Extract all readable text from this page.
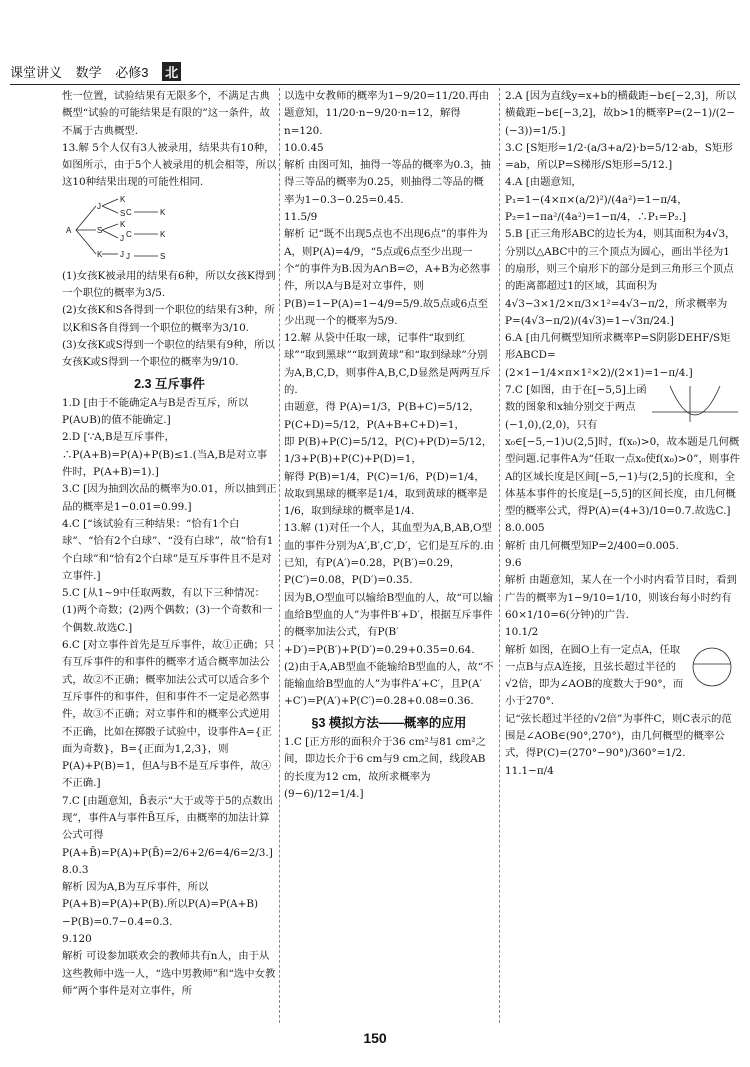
课堂讲义 数学 必修3 北

性一位置，试验结果有无限多个，不满足古典概型“试验的可能结果是有限的”这一条件，故不属于古典概型.

13.解 5个人仅有3人被录用，结果共有10种，如图所示，由于5个人被录用的机会相等，所以这10种结果出现的可能性相同.

A
J
S
K
K
S
K
J
J
C	K
C	K
J	S

(1)女孩K被录用的结果有6种，所以女孩K得到一个职位的概率为3/5.

(2)女孩K和S各得到一个职位的结果有3种，所以K和S各自得到一个职位的概率为3/10.

(3)女孩K或S得到一个职位的结果有9种，所以女孩K或S得到一个职位的概率为9/10.

2.3 互斥事件

1.D [由于不能确定A与B是否互斥，所以P(A∪B)的值不能确定.]

2.D [∵A,B是互斥事件，∴P(A+B)=P(A)+P(B)≤1.(当A,B是对立事件时，P(A+B)=1).]

3.C [因为抽到次品的概率为0.01，所以抽到正品的概率是1−0.01=0.99.]

4.C [“该试验有三种结果：“恰有1个白球”、“恰有2个白球”、“没有白球”，故“恰有1个白球”和“恰有2个白球”是互斥事件且不是对立事件.]

5.C [从1~9中任取两数，有以下三种情况：(1)两个奇数；(2)两个偶数；(3)一个奇数和一个偶数.故选C.]

6.C [对立事件首先是互斥事件，故①正确；只有互斥事件的和事件的概率才适合概率加法公式，故②不正确；概率加法公式可以适合多个互斥事件的和事件，但和事件不一定是必然事件，故③不正确；对立事件和的概率公式逆用不正确，比如在掷骰子试验中，设事件A={正面为奇数}，B={正面为1,2,3}，则P(A)+P(B)=1，但A与B不是互斥事件，故④不正确.]

7.C [由题意知，B̄表示“大于或等于5的点数出现”，事件A与事件B̄互斥，由概率的加法计算公式可得P(A+B̄)=P(A)+P(B̄)=2/6+2/6=4/6=2/3.]

8.0.3

解析 因为A,B为互斥事件，所以P(A+B)=P(A)+P(B).所以P(A)=P(A+B)−P(B)=0.7−0.4=0.3.

9.120

解析 可设参加联欢会的教师共有n人，由于从这些教师中选一人，“选中男教师”和“选中女教师”两个事件是对立事件，所

以选中女教师的概率为1−9/20=11/20.再由题意知，11/20·n−9/20·n=12，解得n=120.

10.0.45

解析 由图可知，抽得一等品的概率为0.3，抽得三等品的概率为0.25，则抽得二等品的概率为1−0.3−0.25=0.45.

11.5/9

解析 记“既不出现5点也不出现6点”的事件为A，则P(A)=4/9，“5点或6点至少出现一个”的事件为B.因为A∩B=∅，A+B为必然事件，所以A与B是对立事件，则P(B)=1−P(A)=1−4/9=5/9.故5点或6点至少出现一个的概率为5/9.

12.解 从袋中任取一球，记事件“取到红球”“取到黑球”“取到黄球”和“取到绿球”分别为A,B,C,D，则事件A,B,C,D显然是两两互斥的.

由题意，得 P(A)=1/3，P(B+C)=5/12，P(C+D)=5/12，P(A+B+C+D)=1，

即 P(B)+P(C)=5/12，P(C)+P(D)=5/12，1/3+P(B)+P(C)+P(D)=1，

解得 P(B)=1/4，P(C)=1/6，P(D)=1/4，

故取到黑球的概率是1/4，取到黄球的概率是1/6，取到绿球的概率是1/4.

13.解 (1)对任一个人，其血型为A,B,AB,O型血的事件分别为A′,B′,C′,D′，它们是互斥的.由已知，有P(A′)=0.28，P(B′)=0.29，P(C′)=0.08，P(D′)=0.35.

因为B,O型血可以输给B型血的人，故“可以输血给B型血的人”为事件B′+D′，根据互斥事件的概率加法公式，有P(B′+D′)=P(B′)+P(D′)=0.29+0.35=0.64.

(2)由于A,AB型血不能输给B型血的人，故“不能输血给B型血的人”为事件A′+C′，且P(A′+C′)=P(A′)+P(C′)=0.28+0.08=0.36.

§3 模拟方法——概率的应用

1.C [正方形的面积介于36 cm²与81 cm²之间，即边长介于6 cm与9 cm之间，线段AB的长度为12 cm，故所求概率为(9−6)/12=1/4.]

2.A [因为直线y=x+b的横截距−b∈[−2,3]，所以横截距−b∈[−3,2]，故b>1的概率P=(2−1)/(2−(−3))=1/5.]

3.C [S矩形=1/2·(a/3+a/2)·b=5/12·ab，S矩形=ab，所以P=S梯形/S矩形=5/12.]

4.A [由题意知，P₁=1−(4×π×(a/2)²)/(4a²)=1−π/4，P₂=1−πa²/(4a²)=1−π/4，∴P₁=P₂.]

5.B [正三角形ABC的边长为4，则其面积为4√3，分别以△ABC中的三个顶点为圆心，画出半径为1的扇形，则三个扇形下的部分是到三角形三个顶点的距离都超过1的区域，其面积为4√3−3×1/2×π/3×1²=4√3−π/2，所求概率为P=(4√3−π/2)/(4√3)=1−√3π/24.]

6.A [由几何概型知所求概率P=S阴影DEHF/S矩形ABCD=(2×1−1/4×π×1²×2)/(2×1)=1−π/4.]

7.C [如图，由于在[−5,5]上函数的图象和x轴分别交于两点(−1,0),(2,0)，只有x₀∈[−5,−1)∪(2,5]时，f(x₀)>0，故本题是几何概型问题.记事件A为“任取一点x₀使f(x₀)>0”，则事件A的区域长度是区间[−5,−1)与(2,5]的长度和，全体基本事件的长度是[−5,5]的区间长度，由几何概型的概率公式，得P(A)=(4+3)/10=0.7.故选C.]

8.0.005

解析 由几何概型知P=2/400=0.005.

9.6

解析 由题意知，某人在一个小时内看节目时，看到广告的概率为1−9/10=1/10，则该台每小时约有60×1/10=6(分钟)的广告.

10.1/2

解析 如图，在圆O上有一定点A，任取一点B与点A连接，且弦长超过半径的√2倍，即为∠AOB的度数大于90°，而小于270°.

记“弦长超过半径的√2倍”为事件C，则C表示的范围是∠AOB∈(90°,270°)，由几何概型的概率公式，得P(C)=(270°−90°)/360°=1/2.

11.1−π/4

150
